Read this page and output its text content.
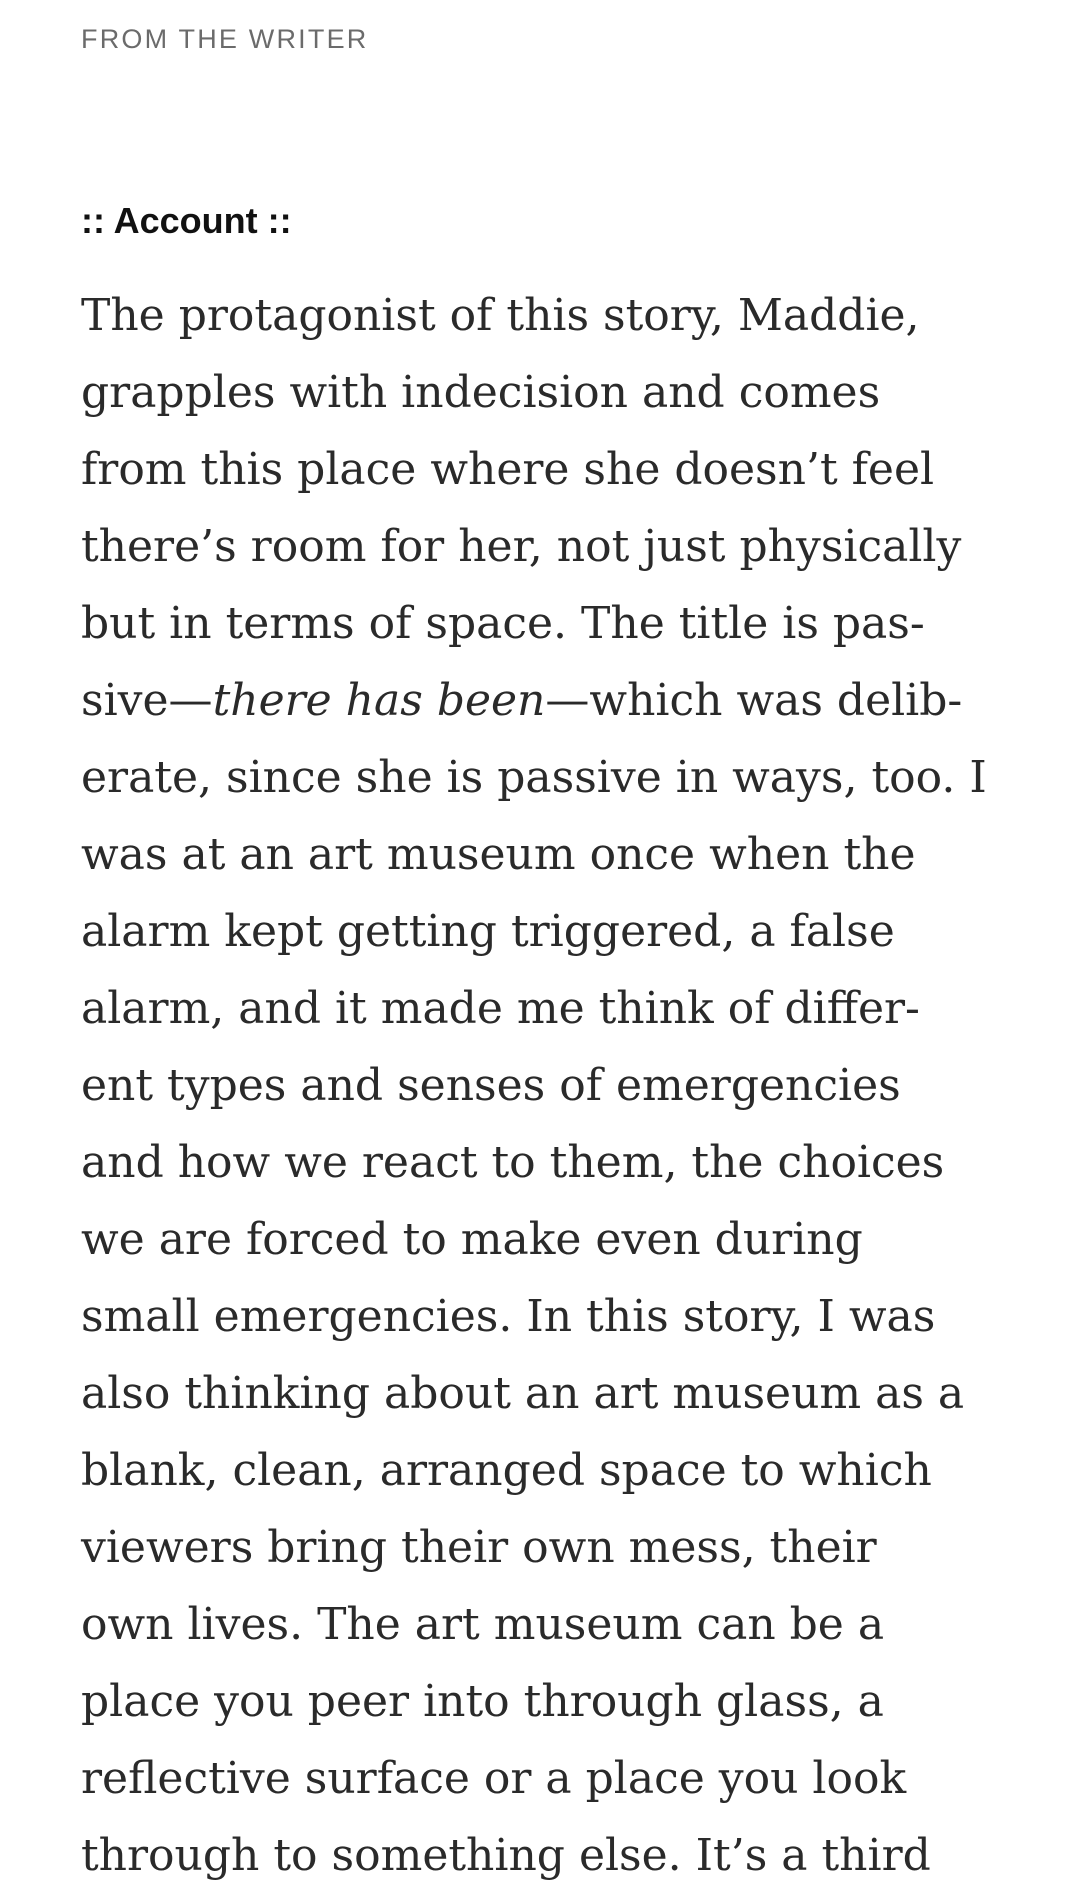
FROM THE WRITER
:: Account ::

The protagonist of this story, Maddie,

grapples with indecision and comes

from this place where she doesn’t feel

there’s room for her, not just physically

but in terms of space. The title is pas-

sive—there has been—which was delib-

erate, since she is passive in ways, too. I

was at an art museum once when the

alarm kept getting triggered, a false

alarm, and it made me think of differ-

ent types and senses of emergencies

and how we react to them, the choices

we are forced to make even during

small emergencies. In this story, I was

also thinking about an art museum as a

blank, clean, arranged space to which

viewers bring their own mess, their

own lives. The art museum can be a

place you peer into through glass, a

reflective surface or a place you look

through to something else. It’s a third
